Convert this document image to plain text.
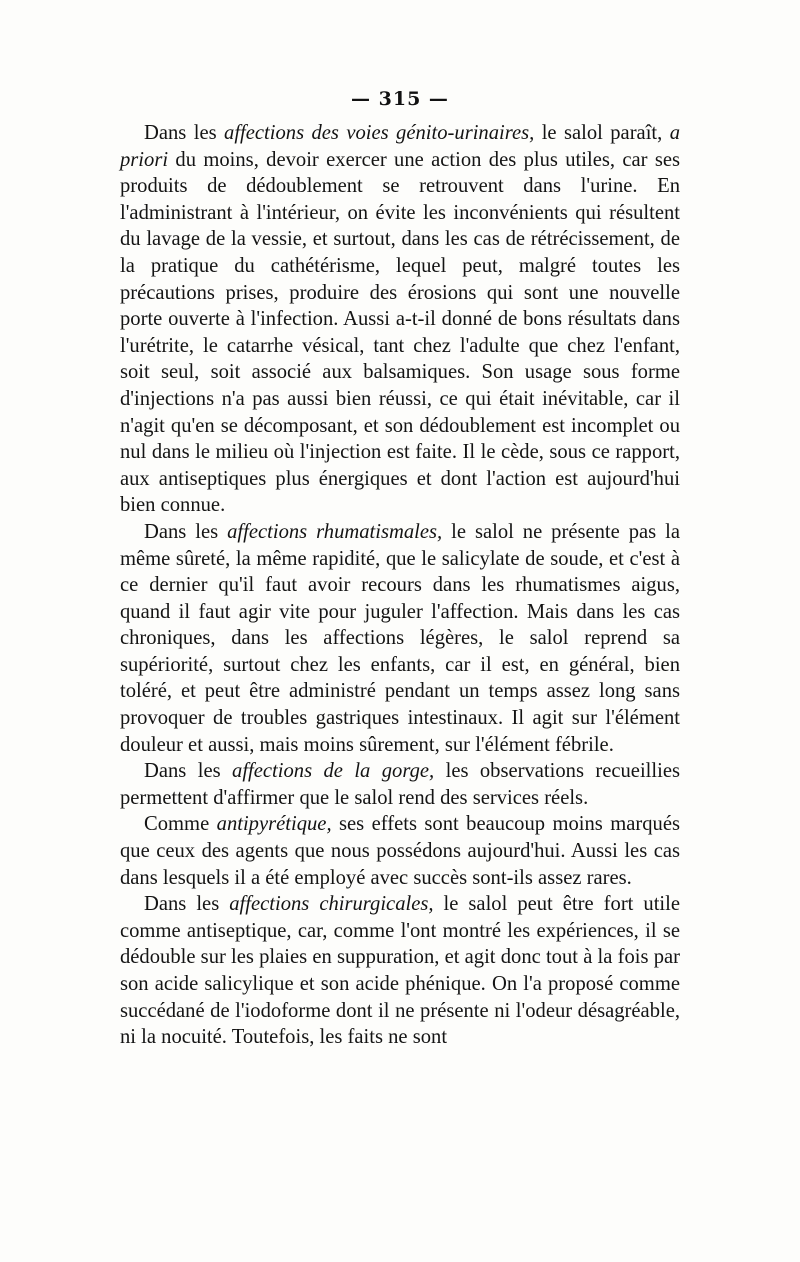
— 315 —

Dans les affections des voies génito-urinaires, le salol paraît, a priori du moins, devoir exercer une action des plus utiles, car ses produits de dédoublement se retrouvent dans l'urine. En l'administrant à l'intérieur, on évite les inconvénients qui résultent du lavage de la vessie, et surtout, dans les cas de rétrécissement, de la pratique du cathétérisme, lequel peut, malgré toutes les précautions prises, produire des érosions qui sont une nouvelle porte ouverte à l'infection. Aussi a-t-il donné de bons résultats dans l'urétrite, le catarrhe vésical, tant chez l'adulte que chez l'enfant, soit seul, soit associé aux balsamiques. Son usage sous forme d'injections n'a pas aussi bien réussi, ce qui était inévitable, car il n'agit qu'en se décomposant, et son dédoublement est incomplet ou nul dans le milieu où l'injection est faite. Il le cède, sous ce rapport, aux antiseptiques plus énergiques et dont l'action est aujourd'hui bien connue.

Dans les affections rhumatismales, le salol ne présente pas la même sûreté, la même rapidité, que le salicylate de soude, et c'est à ce dernier qu'il faut avoir recours dans les rhumatismes aigus, quand il faut agir vite pour juguler l'affection. Mais dans les cas chroniques, dans les affections légères, le salol reprend sa supériorité, surtout chez les enfants, car il est, en général, bien toléré, et peut être administré pendant un temps assez long sans provoquer de troubles gastriques intestinaux. Il agit sur l'élément douleur et aussi, mais moins sûrement, sur l'élément fébrile.

Dans les affections de la gorge, les observations recueillies permettent d'affirmer que le salol rend des services réels.

Comme antipyrétique, ses effets sont beaucoup moins marqués que ceux des agents que nous possédons aujourd'hui. Aussi les cas dans lesquels il a été employé avec succès sont-ils assez rares.

Dans les affections chirurgicales, le salol peut être fort utile comme antiseptique, car, comme l'ont montré les expériences, il se dédouble sur les plaies en suppuration, et agit donc tout à la fois par son acide salicylique et son acide phénique. On l'a proposé comme succédané de l'iodoforme dont il ne présente ni l'odeur désagréable, ni la nocuité. Toutefois, les faits ne sont
